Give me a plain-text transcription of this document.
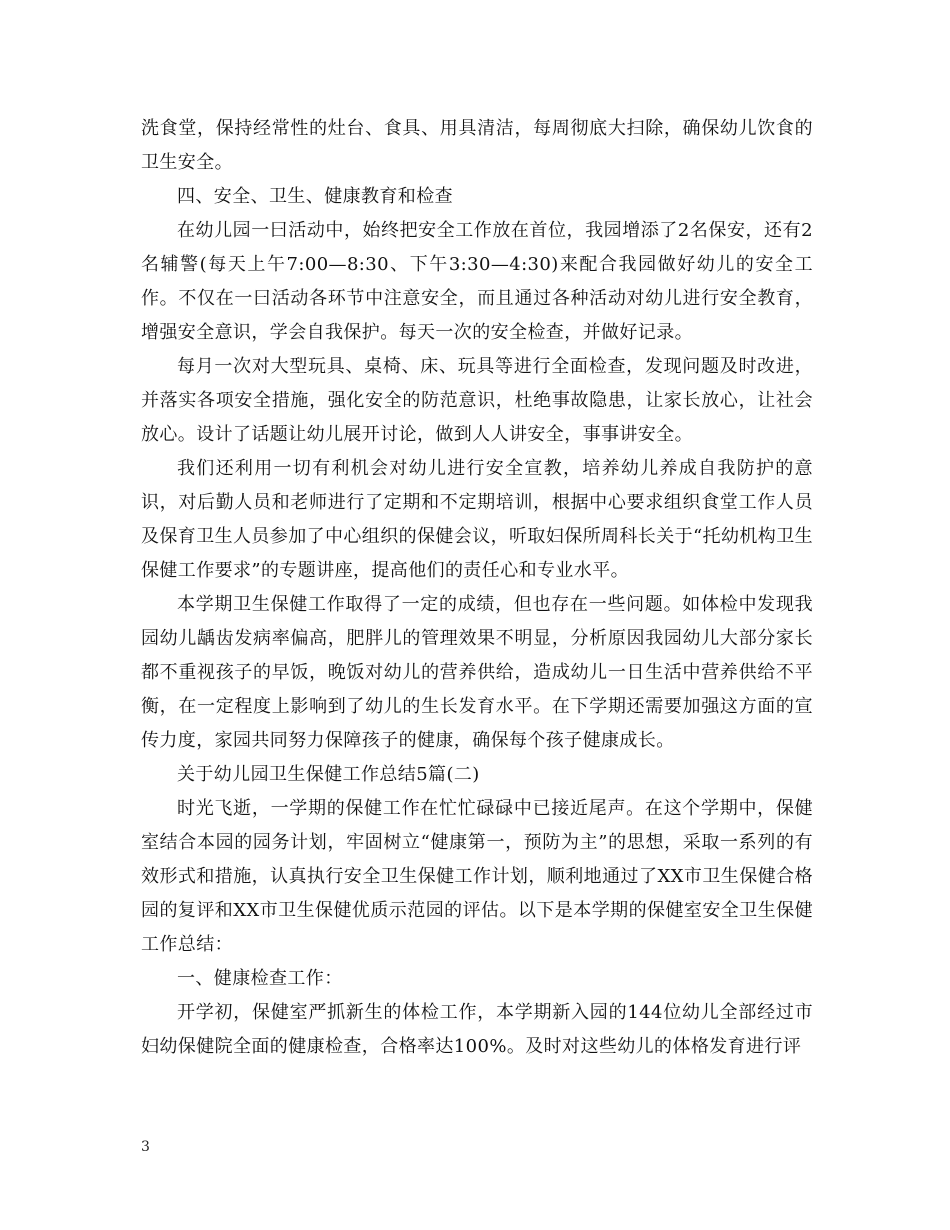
洗食堂，保持经常性的灶台、食具、用具清洁，每周彻底大扫除，确保幼儿饮食的卫生安全。

四、安全、卫生、健康教育和检查

在幼儿园一曰活动中，始终把安全工作放在首位，我园增添了2名保安，还有2名辅警(每天上午7:00—8:30、下午3:30—4:30)来配合我园做好幼儿的安全工作。不仅在一曰活动各环节中注意安全，而且通过各种活动对幼儿进行安全教育，增强安全意识，学会自我保护。每天一次的安全检查，并做好记录。

每月一次对大型玩具、桌椅、床、玩具等进行全面检查，发现问题及时改进，并落实各项安全措施，强化安全的防范意识，杜绝事故隐患，让家长放心，让社会放心。设计了话题让幼儿展开讨论，做到人人讲安全，事事讲安全。

我们还利用一切有利机会对幼儿进行安全宣教，培养幼儿养成自我防护的意识，对后勤人员和老师进行了定期和不定期培训，根据中心要求组织食堂工作人员及保育卫生人员参加了中心组织的保健会议，听取妇保所周科长关于“托幼机构卫生保健工作要求”的专题讲座，提高他们的责任心和专业水平。

本学期卫生保健工作取得了一定的成绩，但也存在一些问题。如体检中发现我园幼儿龋齿发病率偏高，肥胖儿的管理效果不明显，分析原因我园幼儿大部分家长都不重视孩子的早饭，晚饭对幼儿的营养供给，造成幼儿一日生活中营养供给不平衡，在一定程度上影响到了幼儿的生长发育水平。在下学期还需要加强这方面的宣传力度，家园共同努力保障孩子的健康，确保每个孩子健康成长。

关于幼儿园卫生保健工作总结5篇(二)

时光飞逝，一学期的保健工作在忙忙碌碌中已接近尾声。在这个学期中，保健室结合本园的园务计划，牢固树立“健康第一，预防为主”的思想，采取一系列的有效形式和措施，认真执行安全卫生保健工作计划，顺利地通过了XX市卫生保健合格园的复评和XX市卫生保健优质示范园的评估。以下是本学期的保健室安全卫生保健工作总结：

一、健康检查工作：

开学初，保健室严抓新生的体检工作，本学期新入园的144位幼儿全部经过市妇幼保健院全面的健康检查，合格率达100%。及时对这些幼儿的体格发育进行评

3
